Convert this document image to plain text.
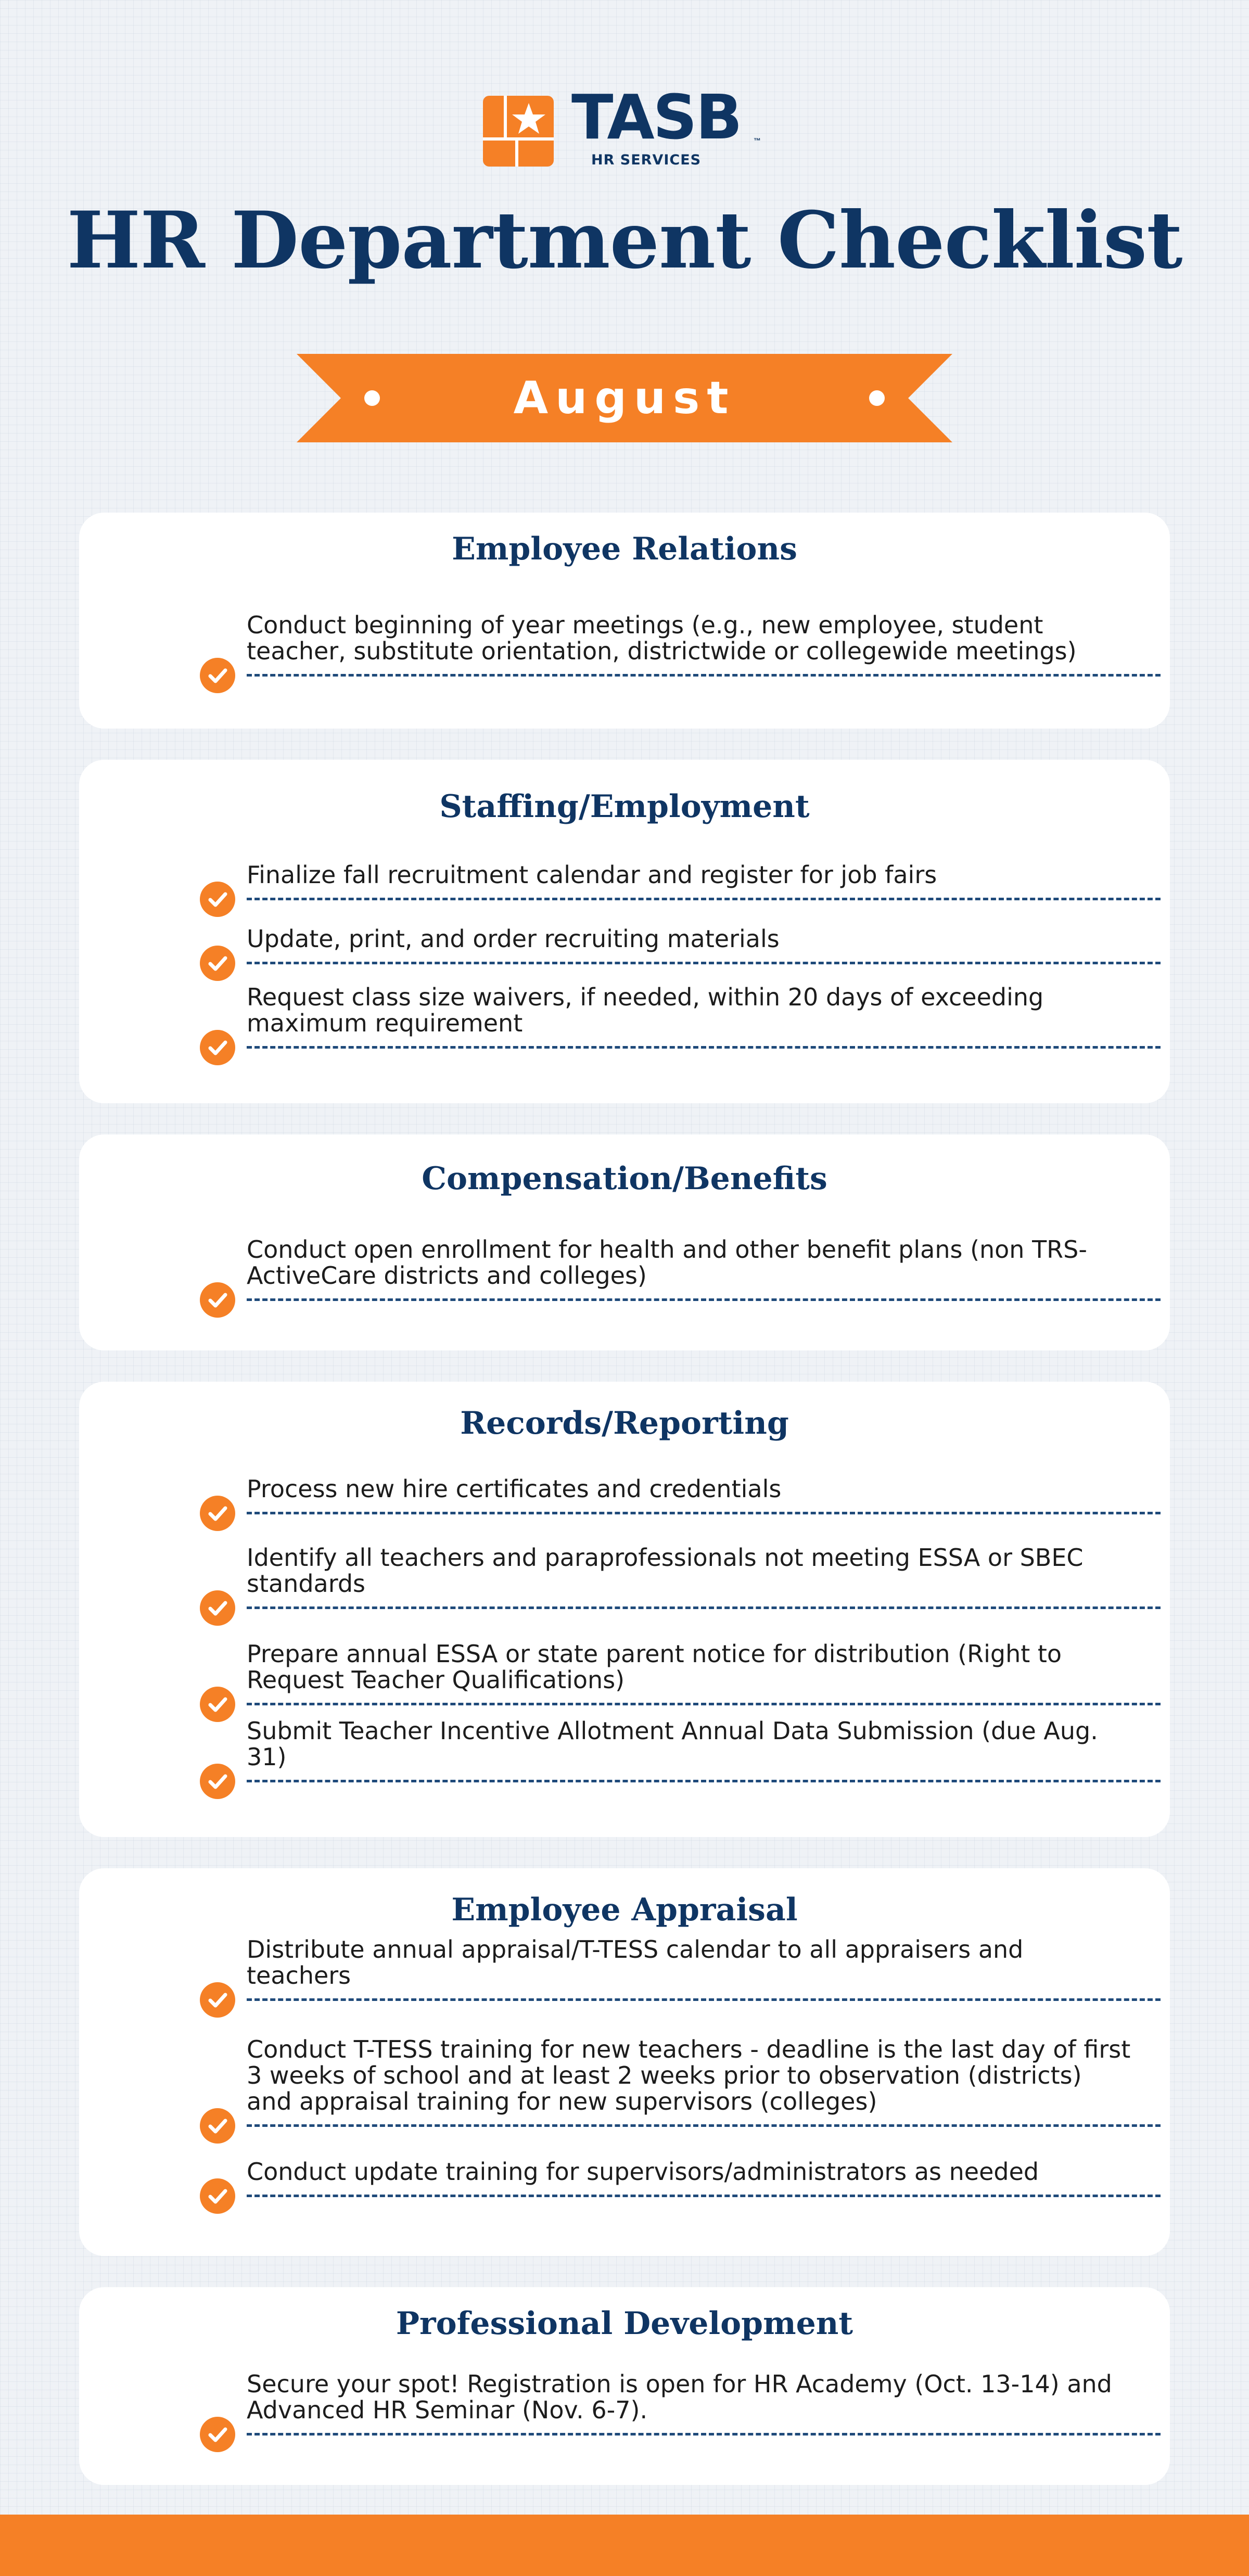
TASB ™
HR SERVICES
HR Department Checklist
August
Employee Relations
Conduct beginning of year meetings (e.g., new employee, student teacher, substitute orientation, districtwide or collegewide meetings)
Staffing/Employment
Finalize fall recruitment calendar and register for job fairs
Update, print, and order recruiting materials
Request class size waivers, if needed, within 20 days of exceeding maximum requirement
Compensation/Benefits
Conduct open enrollment for health and other benefit plans (non TRS-ActiveCare districts and colleges)
Records/Reporting
Process new hire certificates and credentials
Identify all teachers and paraprofessionals not meeting ESSA or SBEC standards
Prepare annual ESSA or state parent notice for distribution (Right to Request Teacher Qualifications)
Submit Teacher Incentive Allotment Annual Data Submission (due Aug. 31)
Employee Appraisal
Distribute annual appraisal/T-TESS calendar to all appraisers and teachers
Conduct T-TESS training for new teachers - deadline is the last day of first 3 weeks of school and at least 2 weeks prior to observation (districts) and appraisal training for new supervisors (colleges)
Conduct update training for supervisors/administrators as needed
Professional Development
Secure your spot! Registration is open for HR Academy (Oct. 13-14) and Advanced HR Seminar (Nov. 6-7).
